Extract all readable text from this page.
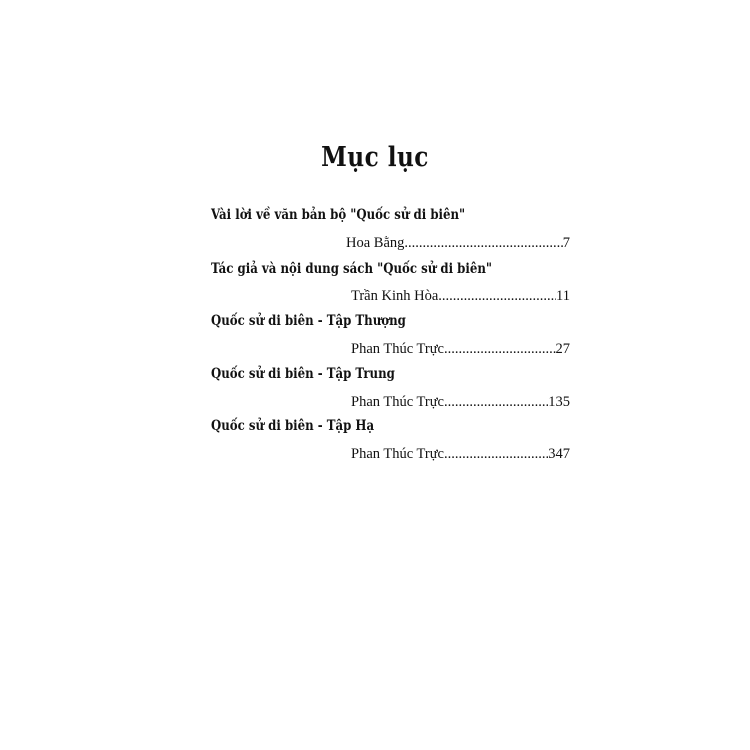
Mục lục
Vài lời về văn bản bộ "Quốc sử di biên"
Hoa Bằng .....	7
Tác giả và nội dung sách "Quốc sử di biên"
Trần Kinh Hòa .....	11
Quốc sử di biên - Tập Thượng
Phan Thúc Trực .....	27
Quốc sử di biên - Tập Trung
Phan Thúc Trực .....	135
Quốc sử di biên - Tập Hạ
Phan Thúc Trực .....	347
